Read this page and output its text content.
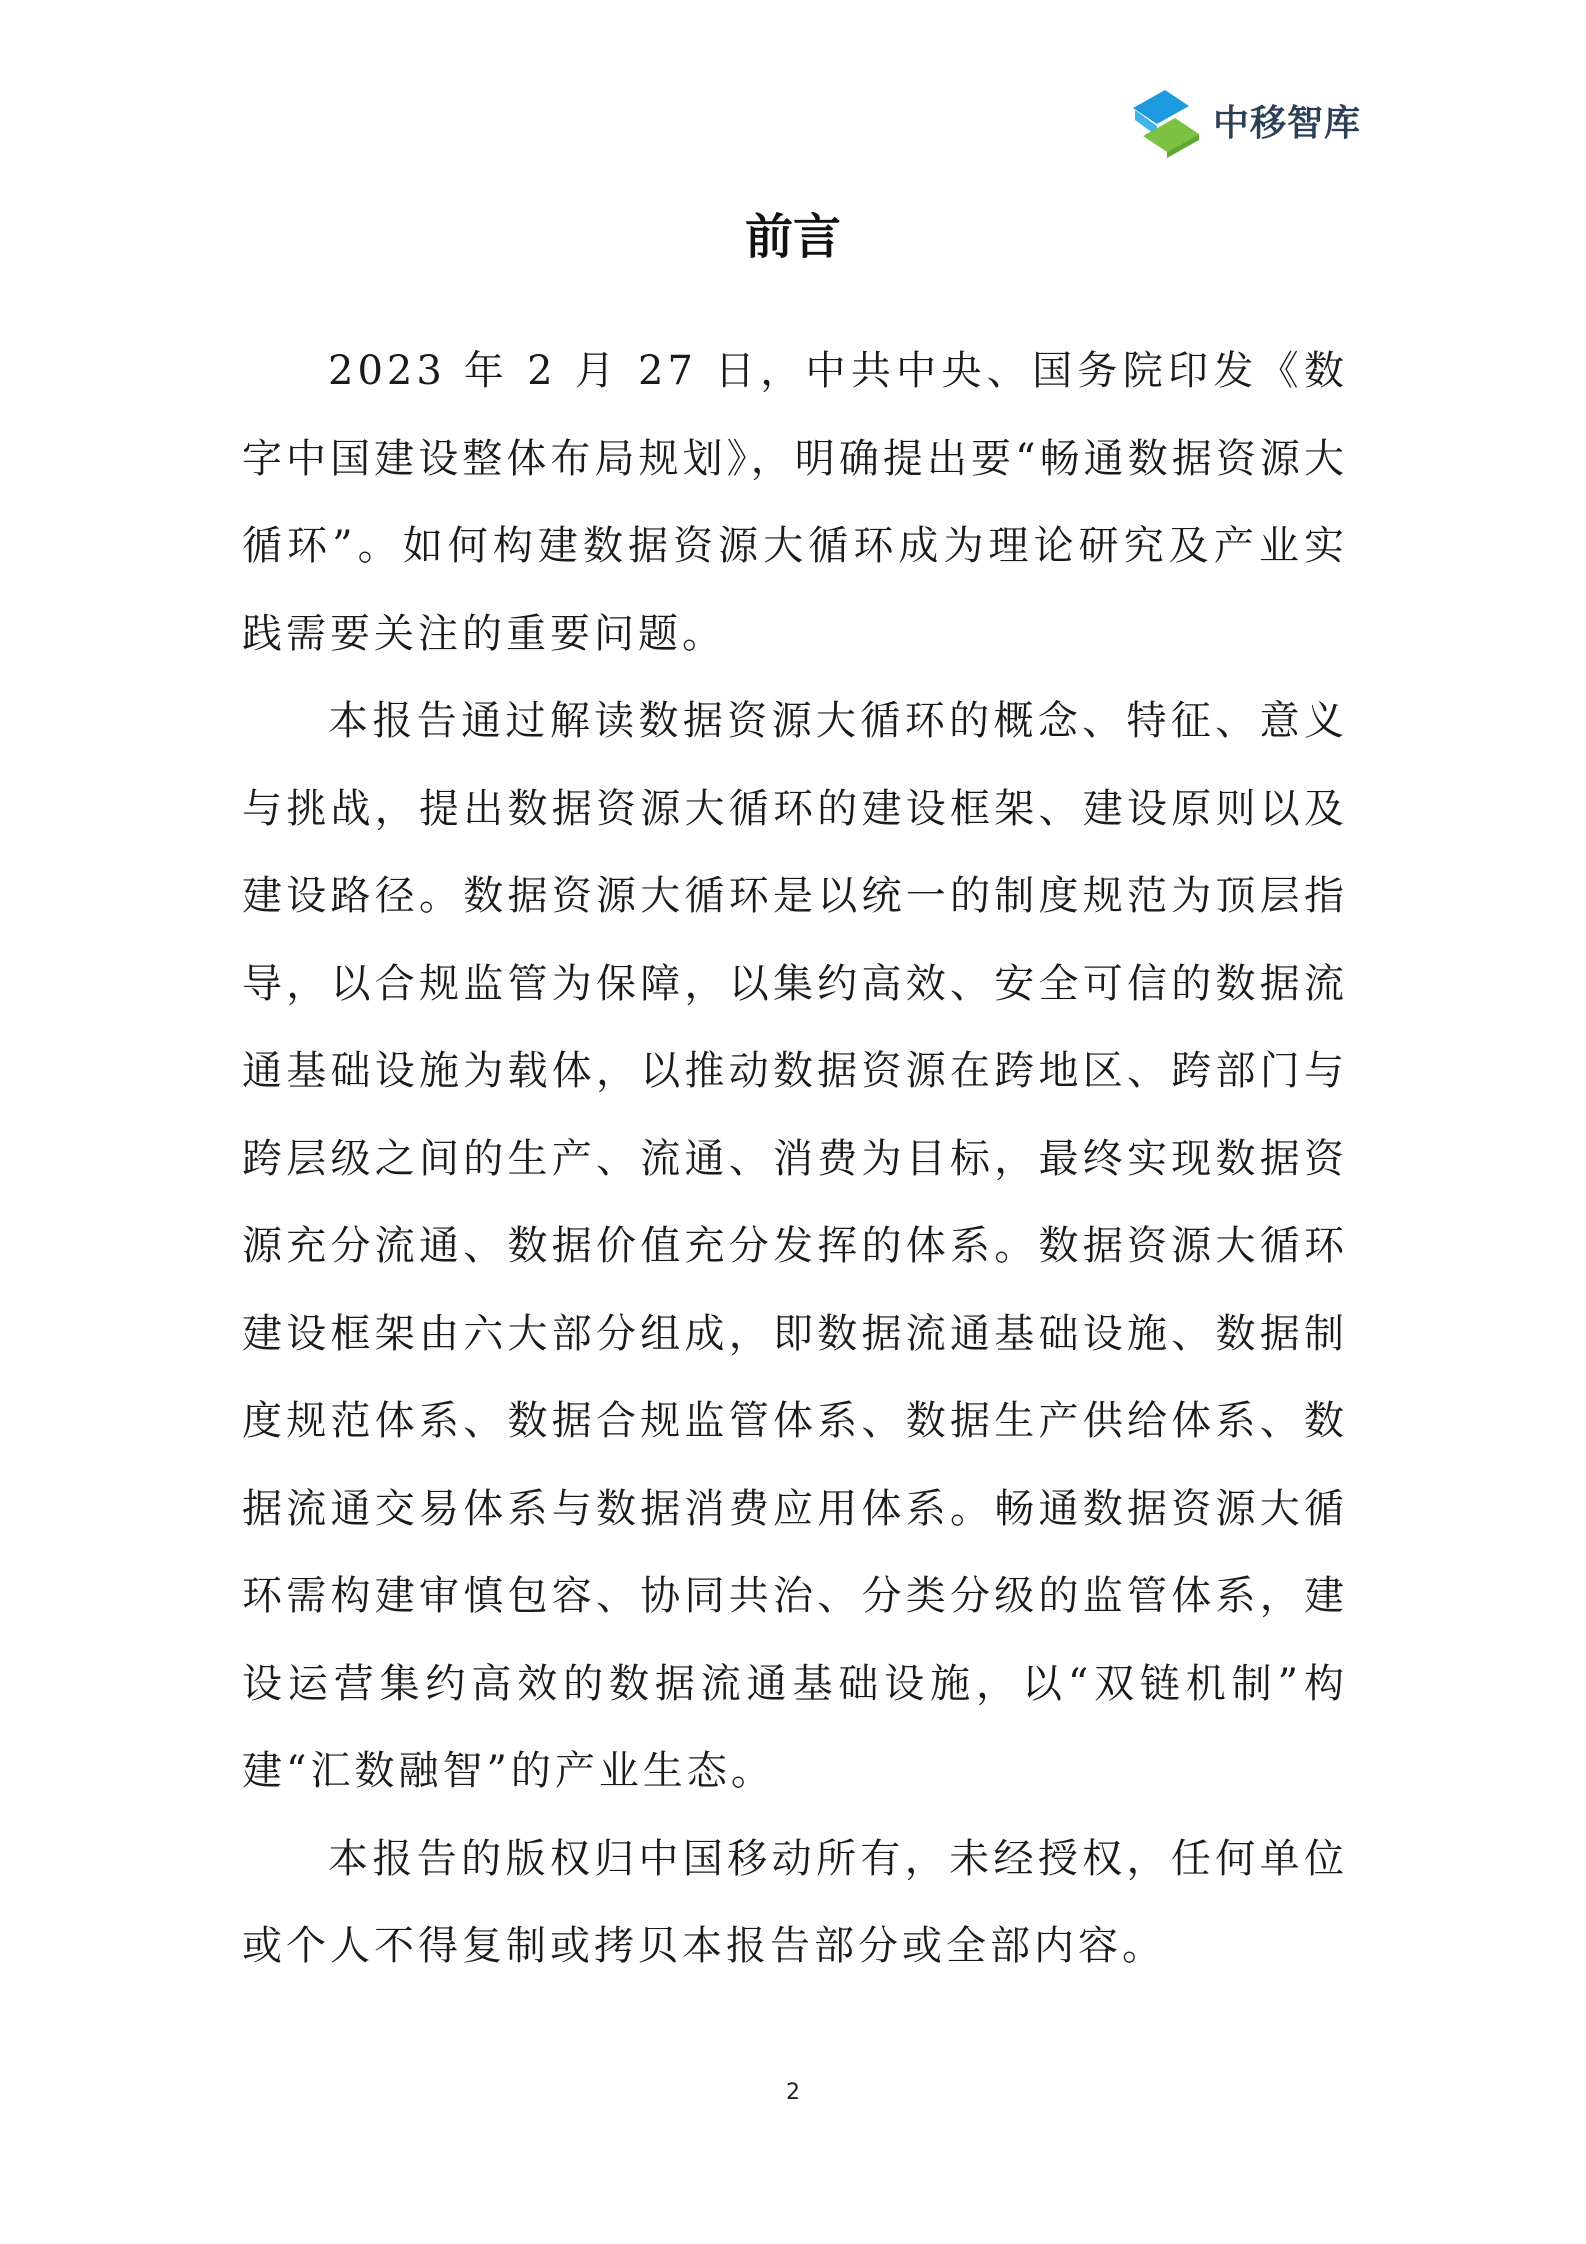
中移智库
前言

2023 年 2 月 27 日，中共中央、国务院印发《数字中国建设整体布局规划》，明确提出要“畅通数据资源大循环”。如何构建数据资源大循环成为理论研究及产业实践需要关注的重要问题。

本报告通过解读数据资源大循环的概念、特征、意义与挑战，提出数据资源大循环的建设框架、建设原则以及建设路径。数据资源大循环是以统一的制度规范为顶层指导，以合规监管为保障，以集约高效、安全可信的数据流通基础设施为载体，以推动数据资源在跨地区、跨部门与跨层级之间的生产、流通、消费为目标，最终实现数据资源充分流通、数据价值充分发挥的体系。数据资源大循环建设框架由六大部分组成，即数据流通基础设施、数据制度规范体系、数据合规监管体系、数据生产供给体系、数据流通交易体系与数据消费应用体系。畅通数据资源大循环需构建审慎包容、协同共治、分类分级的监管体系，建设运营集约高效的数据流通基础设施，以“双链机制”构建“汇数融智”的产业生态。

本报告的版权归中国移动所有，未经授权，任何单位或个人不得复制或拷贝本报告部分或全部内容。

2
